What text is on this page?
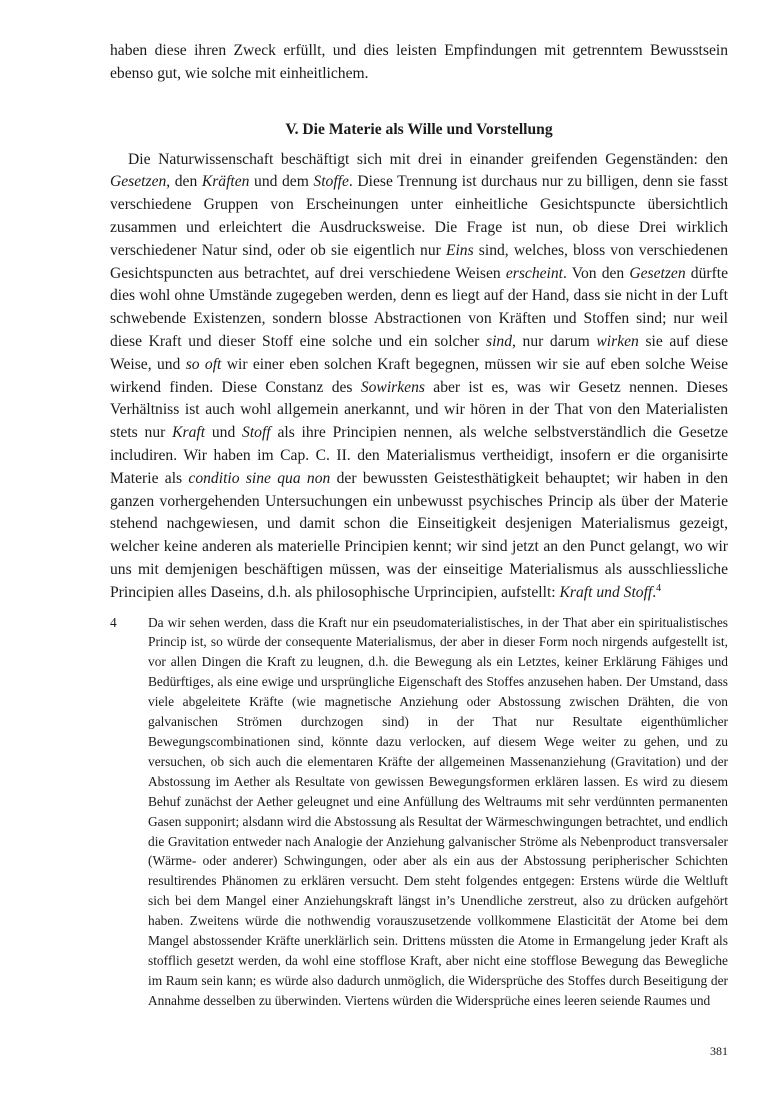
haben diese ihren Zweck erfüllt, und dies leisten Empfindungen mit getrenntem Bewusstsein ebenso gut, wie solche mit einheitlichem.

V. Die Materie als Wille und Vorstellung

Die Naturwissenschaft beschäftigt sich mit drei in einander greifenden Gegenständen: den Gesetzen, den Kräften und dem Stoffe. Diese Trennung ist durchaus nur zu billigen, denn sie fasst verschiedene Gruppen von Erscheinungen unter einheitliche Gesichtspuncte übersichtlich zusammen und erleichtert die Ausdrucksweise. Die Frage ist nun, ob diese Drei wirklich verschiedener Natur sind, oder ob sie eigentlich nur Eins sind, welches, bloss von verschiedenen Gesichtspuncten aus betrachtet, auf drei verschiedene Weisen erscheint. Von den Gesetzen dürfte dies wohl ohne Umstände zugegeben werden, denn es liegt auf der Hand, dass sie nicht in der Luft schwebende Existenzen, sondern blosse Abstractionen von Kräften und Stoffen sind; nur weil diese Kraft und dieser Stoff eine solche und ein solcher sind, nur darum wirken sie auf diese Weise, und so oft wir einer eben solchen Kraft begegnen, müssen wir sie auf eben solche Weise wirkend finden. Diese Constanz des Sowirkens aber ist es, was wir Gesetz nennen. Dieses Verhältniss ist auch wohl allgemein anerkannt, und wir hören in der That von den Materialisten stets nur Kraft und Stoff als ihre Principien nennen, als welche selbstverständlich die Gesetze includiren. Wir haben im Cap. C. II. den Materialismus vertheidigt, insofern er die organisirte Materie als conditio sine qua non der bewussten Geistesthätigkeit behauptet; wir haben in den ganzen vorhergehenden Untersuchungen ein unbewusst psychisches Princip als über der Materie stehend nachgewiesen, und damit schon die Einseitigkeit desjenigen Materialismus gezeigt, welcher keine anderen als materielle Principien kennt; wir sind jetzt an den Punct gelangt, wo wir uns mit demjenigen beschäftigen müssen, was der einseitige Materialismus als ausschliessliche Principien alles Daseins, d.h. als philosophische Urprincipien, aufstellt: Kraft und Stoff.$^4$

4	Da wir sehen werden, dass die Kraft nur ein pseudomaterialistisches, in der That aber ein spiritualistisches Princip ist, so würde der consequente Materialismus, der aber in dieser Form noch nirgends aufgestellt ist, vor allen Dingen die Kraft zu leugnen, d.h. die Bewegung als ein Letztes, keiner Erklärung Fähiges und Bedürftiges, als eine ewige und ursprüngliche Eigenschaft des Stoffes anzusehen haben. Der Umstand, dass viele abgeleitete Kräfte (wie magnetische Anziehung oder Abstossung zwischen Drähten, die von galvanischen Strömen durchzogen sind) in der That nur Resultate eigenthümlicher Bewegungscombinationen sind, könnte dazu verlocken, auf diesem Wege weiter zu gehen, und zu versuchen, ob sich auch die elementaren Kräfte der allgemeinen Massenanziehung (Gravitation) und der Abstossung im Aether als Resultate von gewissen Bewegungsformen erklären lassen. Es wird zu diesem Behuf zunächst der Aether geleugnet und eine Anfüllung des Weltraums mit sehr verdünnten permanenten Gasen supponirt; alsdann wird die Abstossung als Resultat der Wärmeschwingungen betrachtet, und endlich die Gravitation entweder nach Analogie der Anziehung galvanischer Ströme als Nebenproduct transversaler (Wärme- oder anderer) Schwingungen, oder aber als ein aus der Abstossung peripherischer Schichten resultirendes Phänomen zu erklären versucht. Dem steht folgendes entgegen: Erstens würde die Weltluft sich bei dem Mangel einer Anziehungskraft längst in’s Unendliche zerstreut, also zu drücken aufgehört haben. Zweitens würde die nothwendig vorauszusetzende vollkommene Elasticität der Atome bei dem Mangel abstossender Kräfte unerklärlich sein. Drittens müssten die Atome in Ermangelung jeder Kraft als stofflich gesetzt werden, da wohl eine stofflose Kraft, aber nicht eine stofflose Bewegung das Bewegliche im Raum sein kann; es würde also dadurch unmöglich, die Widersprüche des Stoffes durch Beseitigung der Annahme desselben zu überwinden. Viertens würden die Widersprüche eines leeren seiende Raumes und
381
